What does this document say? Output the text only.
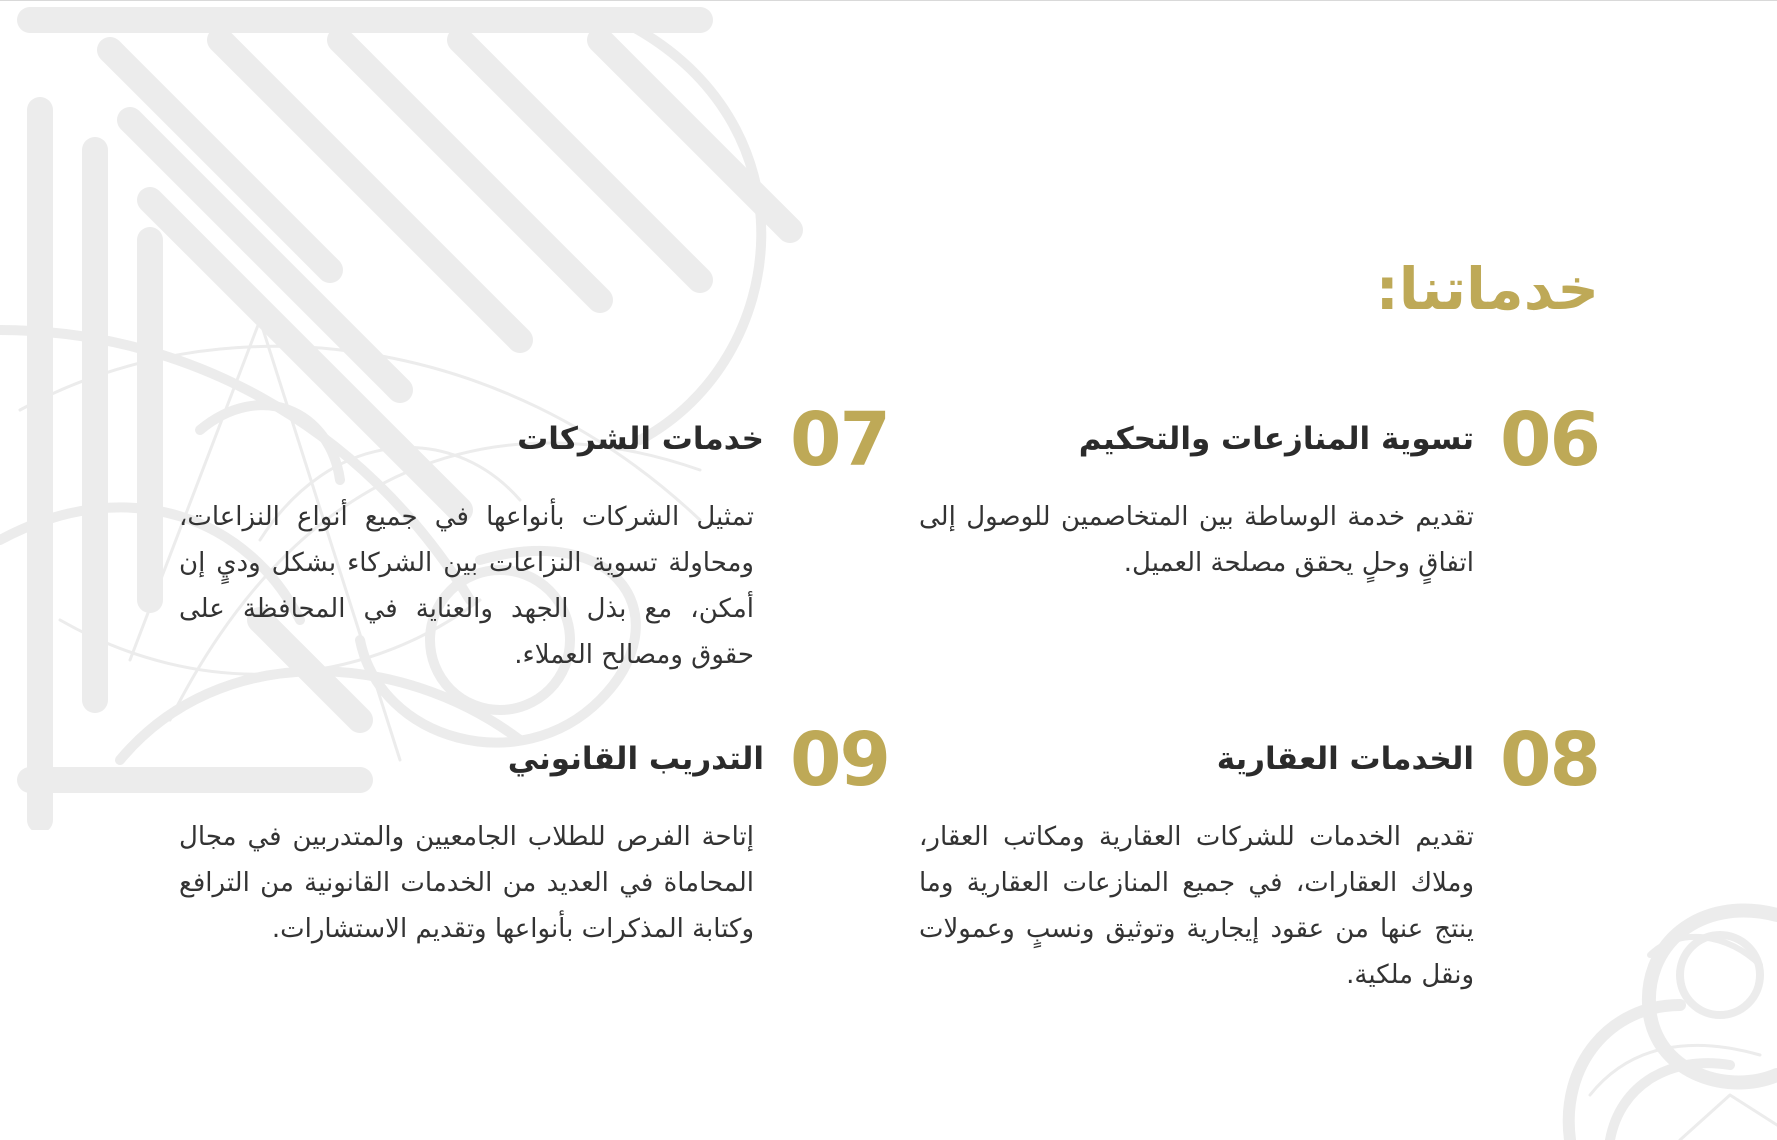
خدماتنا:
06
تسوية المنازعات والتحكيم

تقديم خدمة الوساطة بين المتخاصمين للوصول إلى اتفاقٍ وحلٍ يحقق مصلحة العميل.

07
خدمات الشركات

تمثيل الشركات بأنواعها في جميع أنواع النزاعات، ومحاولة تسوية النزاعات بين الشركاء بشكل وديٍ إن أمكن، مع بذل الجهد والعناية في المحافظة على حقوق ومصالح العملاء.

08
الخدمات العقارية

تقديم الخدمات للشركات العقارية ومكاتب العقار، وملاك العقارات، في جميع المنازعات العقارية وما ينتج عنها من عقود إيجارية وتوثيق ونسبٍ وعمولات ونقل ملكية.

09
التدريب القانوني

إتاحة الفرص للطلاب الجامعيين والمتدربين في مجال المحاماة في العديد من الخدمات القانونية من الترافع وكتابة المذكرات بأنواعها وتقديم الاستشارات.
